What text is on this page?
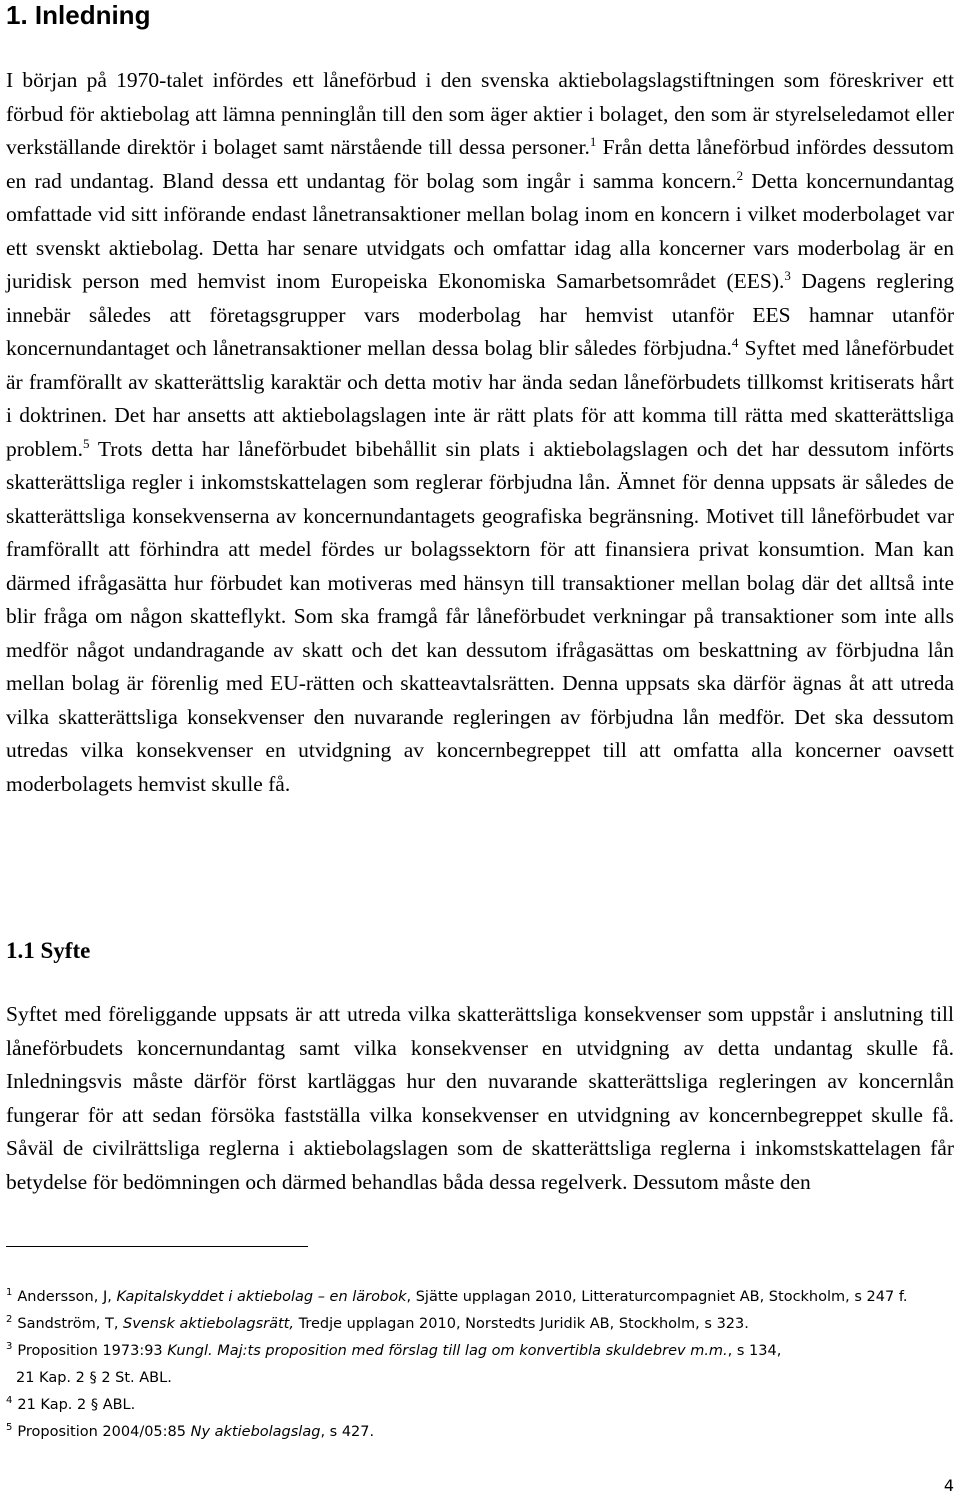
1. Inledning

I början på 1970-talet infördes ett låneförbud i den svenska aktiebolagslagstiftningen som föreskriver ett förbud för aktiebolag att lämna penninglån till den som äger aktier i bolaget, den som är styrelseledamot eller verkställande direktör i bolaget samt närstående till dessa personer.$^1$ Från detta låneförbud infördes dessutom en rad undantag. Bland dessa ett undantag för bolag som ingår i samma koncern.$^2$ Detta koncernundantag omfattade vid sitt införande endast lånetransaktioner mellan bolag inom en koncern i vilket moderbolaget var ett svenskt aktiebolag. Detta har senare utvidgats och omfattar idag alla koncerner vars moderbolag är en juridisk person med hemvist inom Europeiska Ekonomiska Samarbetsområdet (EES).$^3$ Dagens reglering innebär således att företagsgrupper vars moderbolag har hemvist utanför EES hamnar utanför koncernundantaget och lånetransaktioner mellan dessa bolag blir således förbjudna.$^4$ Syftet med låneförbudet är framförallt av skatterättslig karaktär och detta motiv har ända sedan låneförbudets tillkomst kritiserats hårt i doktrinen. Det har ansetts att aktiebolagslagen inte är rätt plats för att komma till rätta med skatterättsliga problem.$^5$ Trots detta har låneförbudet bibehållit sin plats i aktiebolagslagen och det har dessutom införts skatterättsliga regler i inkomstskattelagen som reglerar förbjudna lån. Ämnet för denna uppsats är således de skatterättsliga konsekvenserna av koncernundantagets geografiska begränsning. Motivet till låneförbudet var framförallt att förhindra att medel fördes ur bolagssektorn för att finansiera privat konsumtion. Man kan därmed ifrågasätta hur förbudet kan motiveras med hänsyn till transaktioner mellan bolag där det alltså inte blir fråga om någon skatteflykt. Som ska framgå får låneförbudet verkningar på transaktioner som inte alls medför något undandragande av skatt och det kan dessutom ifrågasättas om beskattning av förbjudna lån mellan bolag är förenlig med EU-rätten och skatteavtalsrätten. Denna uppsats ska därför ägnas åt att utreda vilka skatterättsliga konsekvenser den nuvarande regleringen av förbjudna lån medför. Det ska dessutom utredas vilka konsekvenser en utvidgning av koncernbegreppet till att omfatta alla koncerner oavsett moderbolagets hemvist skulle få.

1.1 Syfte

Syftet med föreliggande uppsats är att utreda vilka skatterättsliga konsekvenser som uppstår i anslutning till låneförbudets koncernundantag samt vilka konsekvenser en utvidgning av detta undantag skulle få. Inledningsvis måste därför först kartläggas hur den nuvarande skatterättsliga regleringen av koncernlån fungerar för att sedan försöka fastställa vilka konsekvenser en utvidgning av koncernbegreppet skulle få. Såväl de civilrättsliga reglerna i aktiebolagslagen som de skatterättsliga reglerna i inkomstskattelagen får betydelse för bedömningen och därmed behandlas båda dessa regelverk. Dessutom måste den

$^1$ Andersson, J, Kapitalskyddet i aktiebolag – en lärobok, Sjätte upplagan 2010, Litteraturcompagniet AB, Stockholm, s 247 f.

$^2$ Sandström, T, Svensk aktiebolagsrätt, Tredje upplagan 2010, Norstedts Juridik AB, Stockholm, s 323.

$^3$ Proposition 1973:93 Kungl. Maj:ts proposition med förslag till lag om konvertibla skuldebrev m.m., s 134,
21 Kap. 2 § 2 St. ABL.

$^4$ 21 Kap. 2 § ABL.

$^5$ Proposition 2004/05:85 Ny aktiebolagslag, s 427.

4
